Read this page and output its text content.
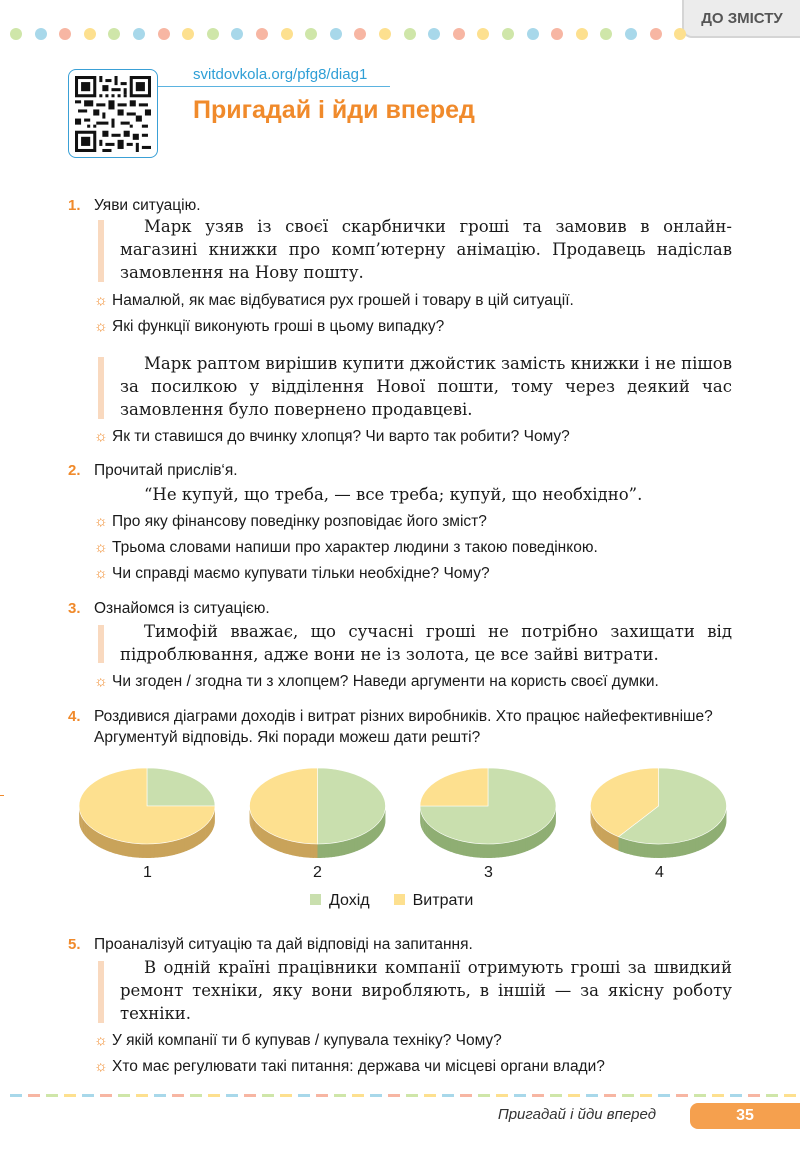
ДО ЗМІСТУ
svitdovkola.org/pfg8/diag1
Пригадай і йди вперед
1. Уяви ситуацію.
Марк узяв із своєї скарбнички гроші та замовив в онлайн-магазині книжки про комп’ютерну анімацію. Продавець надіслав замовлення на Нову пошту.
☼ Намалюй, як має відбуватися рух грошей і товару в цій ситуації.
☼ Які функції виконують гроші в цьому випадку?
Марк раптом вирішив купити джойстик замість книжки і не пішов за посилкою у відділення Нової пошти, тому через деякий час замовлення було повернено продавцеві.
☼ Як ти ставишся до вчинку хлопця? Чи варто так робити? Чому?
2. Прочитай прислів‘я.
“Не купуй, що треба, — все треба; купуй, що необхідно”.
☼ Про яку фінансову поведінку розповідає його зміст?
☼ Трьома словами напиши про характер людини з такою поведінкою.
☼ Чи справді маємо купувати тільки необхідне? Чому?
3. Ознайомся із ситуацією.
Тимофій вважає, що сучасні гроші не потрібно захищати від підроблювання, адже вони не із золота, це все зайві витрати.
☼ Чи згоден / згодна ти з хлопцем? Наведи аргументи на користь своєї думки.
4. Роздивися діаграми доходів і витрат різних виробників. Хто працює найефективніше? Аргументуй відповідь. Які поради можеш дати решті?
1	2	3	4
Дохід	Витрати
5. Проаналізуй ситуацію та дай відповіді на запитання.
В одній країні працівники компанії отримують гроші за швидкий ремонт техніки, яку вони виробляють, в іншій — за якісну роботу техніки.
☼ У якій компанії ти б купував / купувала техніку? Чому?
☼ Хто має регулювати такі питання: держава чи місцеві органи влади?
Пригадай і йди вперед	35
